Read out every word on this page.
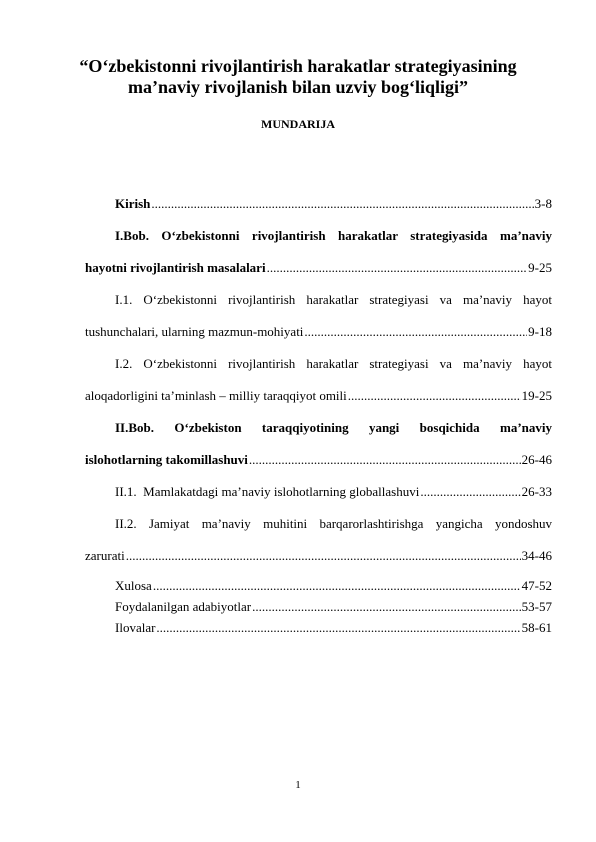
“O‘zbekistonni rivojlantirish harakatlar strategiyasining ma’naviy rivojlanish bilan uzviy bog‘liqligi”
MUNDARIJA
Kirish .....	3-8
I.Bob. O‘zbekistonni rivojlantirish harakatlar strategiyasida ma’naviy
hayotni rivojlantirish masalalari .....	9-25
I.1. O‘zbekistonni rivojlantirish harakatlar strategiyasi va ma’naviy hayot
tushunchalari, ularning mazmun-mohiyati .....	9-18
I.2. O‘zbekistonni rivojlantirish harakatlar strategiyasi va ma’naviy hayot
aloqadorligini ta’minlash – milliy taraqqiyot omili .....	19-25
II.Bob. O‘zbekiston taraqqiyotining yangi bosqichida ma’naviy
islohotlarning takomillashuvi .....	26-46
II.1.  Mamlakatdagi ma’naviy islohotlarning globallashuvi .....	26-33
II.2. Jamiyat ma’naviy muhitini barqarorlashtirishga yangicha yondoshuv
zarurati .....	34-46
Xulosa .....	47-52
Foydalanilgan adabiyotlar .....	53-57
Ilovalar .....	58-61
1
